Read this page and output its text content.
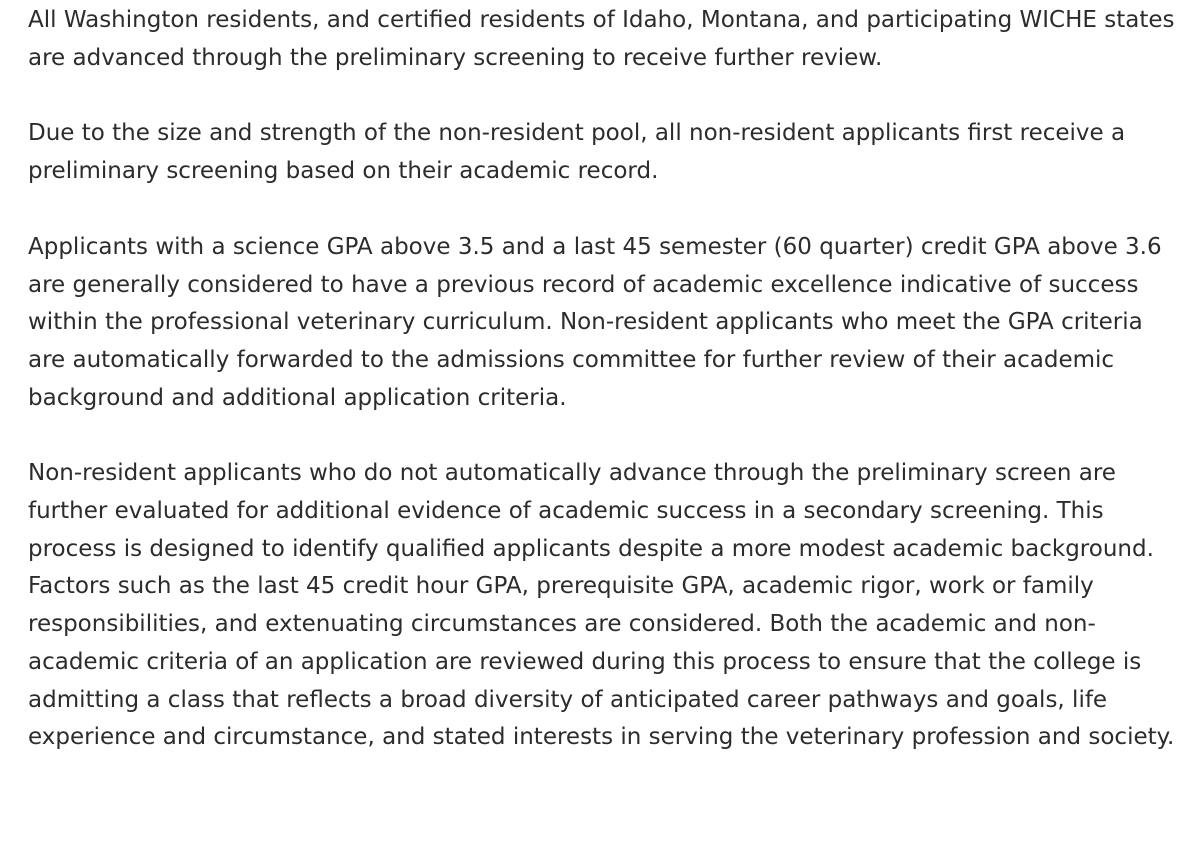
All Washington residents, and certified residents of Idaho, Montana, and participating WICHE states are advanced through the preliminary screening to receive further review.

Due to the size and strength of the non-resident pool, all non-resident applicants first receive a preliminary screening based on their academic record.

Applicants with a science GPA above 3.5 and a last 45 semester (60 quarter) credit GPA above 3.6 are generally considered to have a previous record of academic excellence indicative of success within the professional veterinary curriculum. Non-resident applicants who meet the GPA criteria are automatically forwarded to the admissions committee for further review of their academic background and additional application criteria.

Non-resident applicants who do not automatically advance through the preliminary screen are further evaluated for additional evidence of academic success in a secondary screening. This process is designed to identify qualified applicants despite a more modest academic background. Factors such as the last 45 credit hour GPA, prerequisite GPA, academic rigor, work or family responsibilities, and extenuating circumstances are considered. Both the academic and non-academic criteria of an application are reviewed during this process to ensure that the college is admitting a class that reflects a broad diversity of anticipated career pathways and goals, life experience and circumstance, and stated interests in serving the veterinary profession and society.
